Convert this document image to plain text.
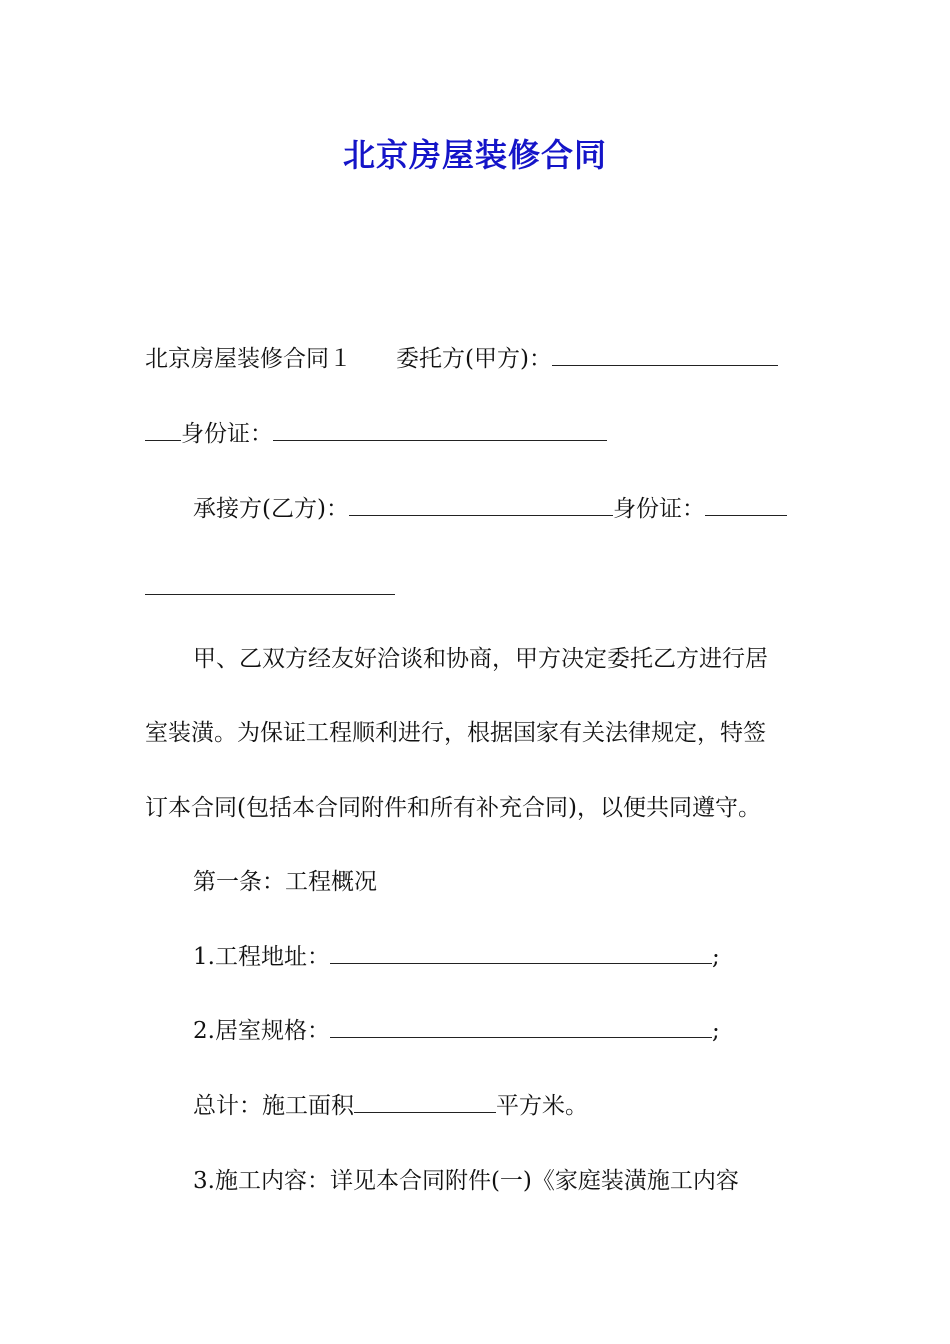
北京房屋装修合同
北京房屋装修合同１ 委托方(甲方)：
身份证：
承接方(乙方)：	身份证：
甲、乙双方经友好洽谈和协商，甲方决定委托乙方进行居
室装潢。为保证工程顺利进行，根据国家有关法律规定，特签
订本合同(包括本合同附件和所有补充合同)，以便共同遵守。
第一条：工程概况
1.工程地址：	;
2.居室规格：	;
总计：施工面积	平方米。
3.施工内容：详见本合同附件(一)《家庭装潢施工内容
